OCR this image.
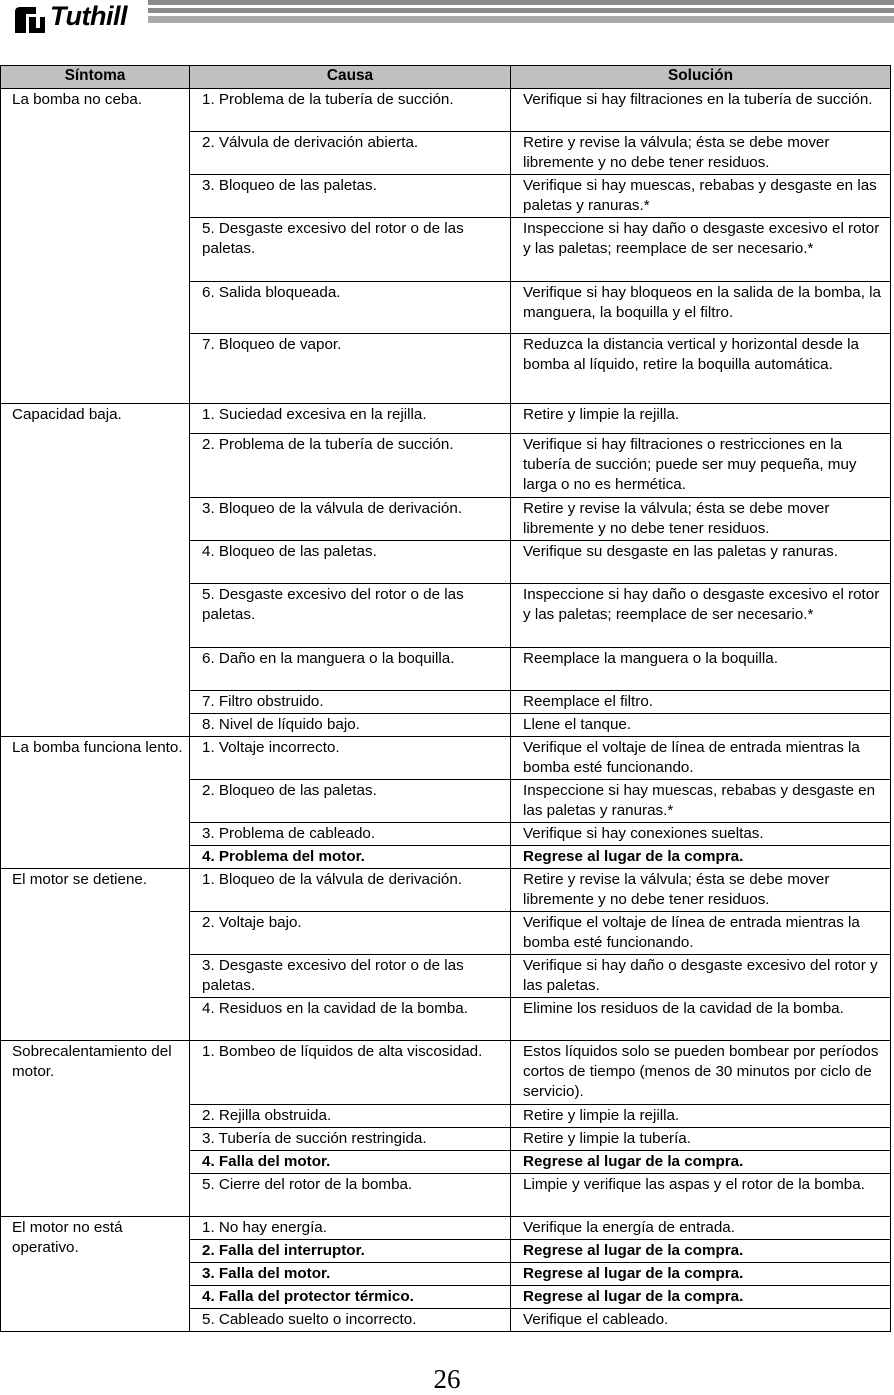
Tuthill
Síntoma	Causa	Solución
La bomba no ceba.	1. Problema de la tubería de succión.	Verifique si hay filtraciones en la tubería de succión.
	2. Válvula de derivación abierta.	Retire y revise la válvula; ésta se debe mover libremente y no debe tener residuos.
	3. Bloqueo de las paletas.	Verifique si hay muescas, rebabas y desgaste en las paletas y ranuras.*
	5. Desgaste excesivo del rotor o de las paletas.	Inspeccione si hay daño o desgaste excesivo el rotor y las paletas; reemplace de ser necesario.*
	6. Salida bloqueada.	Verifique si hay bloqueos en la salida de la bomba, la manguera, la boquilla y el filtro.
	7. Bloqueo de vapor.	Reduzca la distancia vertical y horizontal desde la bomba al líquido, retire la boquilla automática.
Capacidad baja.	1. Suciedad excesiva en la rejilla.	Retire y limpie la rejilla.
	2. Problema de la tubería de succión.	Verifique si hay filtraciones o restricciones en la tubería de succión; puede ser muy pequeña, muy larga o no es hermética.
	3. Bloqueo de la válvula de derivación.	Retire y revise la válvula; ésta se debe mover libremente y no debe tener residuos.
	4. Bloqueo de las paletas.	Verifique su desgaste en las paletas y ranuras.
	5. Desgaste excesivo del rotor o de las paletas.	Inspeccione si hay daño o desgaste excesivo el rotor y las paletas; reemplace de ser necesario.*
	6. Daño en la manguera o la boquilla.	Reemplace la manguera o la boquilla.
	7. Filtro obstruido.	Reemplace el filtro.
	8. Nivel de líquido bajo.	Llene el tanque.
La bomba funciona lento.	1. Voltaje incorrecto.	Verifique el voltaje de línea de entrada mientras la bomba esté funcionando.
	2. Bloqueo de las paletas.	Inspeccione si hay muescas, rebabas y desgaste en las paletas y ranuras.*
	3. Problema de cableado.	Verifique si hay conexiones sueltas.
	4. Problema del motor.	Regrese al lugar de la compra.
El motor se detiene.	1. Bloqueo de la válvula de derivación.	Retire y revise la válvula; ésta se debe mover libremente y no debe tener residuos.
	2. Voltaje bajo.	Verifique el voltaje de línea de entrada mientras la bomba esté funcionando.
	3. Desgaste excesivo del rotor o de las paletas.	Verifique si hay daño o desgaste excesivo del rotor y las paletas.
	4. Residuos en la cavidad de la bomba.	Elimine los residuos de la cavidad de la bomba.
Sobrecalentamiento del motor.	1. Bombeo de líquidos de alta viscosidad.	Estos líquidos solo se pueden bombear por períodos cortos de tiempo (menos de 30 minutos por ciclo de servicio).
	2. Rejilla obstruida.	Retire y limpie la rejilla.
	3. Tubería de succión restringida.	Retire y limpie la tubería.
	4. Falla del motor.	Regrese al lugar de la compra.
	5. Cierre del rotor de la bomba.	Limpie y verifique las aspas y el rotor de la bomba.
El motor no está operativo.	1. No hay energía.	Verifique la energía de entrada.
	2. Falla del interruptor.	Regrese al lugar de la compra.
	3. Falla del motor.	Regrese al lugar de la compra.
	4. Falla del protector térmico.	Regrese al lugar de la compra.
	5. Cableado suelto o incorrecto.	Verifique el cableado.
26
